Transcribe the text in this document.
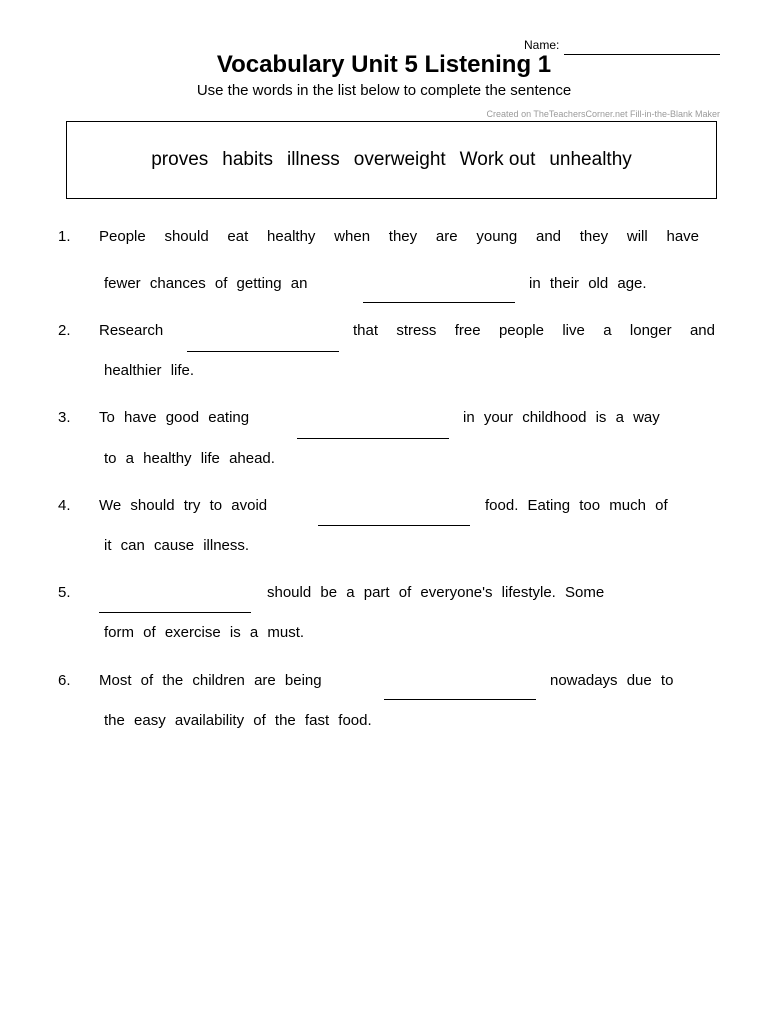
Name:
Vocabulary Unit 5 Listening 1
Use the words in the list below to complete the sentence
Created on TheTeachersCorner.net Fill-in-the-Blank Maker
proves habits illness overweight Work out unhealthy
1. People should eat healthy when they are young and they will have
fewer chances of getting an	in their old age.
2. Research	that stress free people live a longer and
healthier life.
3. To have good eating	in your childhood is a way
to a healthy life ahead.
4. We should try to avoid	food. Eating too much of
it can cause illness.
5.	should be a part of everyone's lifestyle. Some
form of exercise is a must.
6. Most of the children are being	nowadays due to
the easy availability of the fast food.
